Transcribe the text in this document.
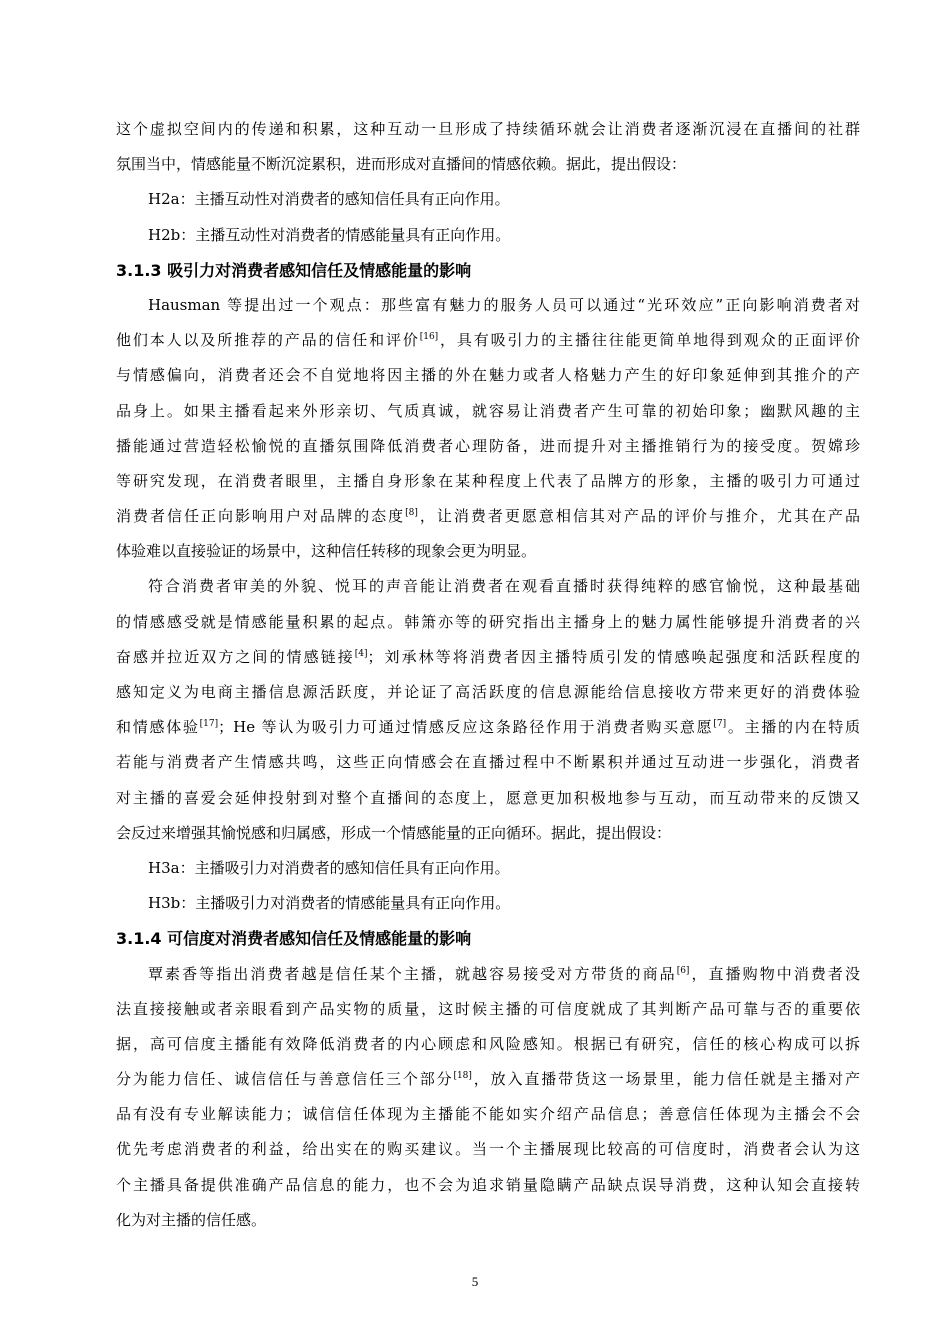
这个虚拟空间内的传递和积累，这种互动一旦形成了持续循环就会让消费者逐渐沉浸在直播间的社群
氛围当中，情感能量不断沉淀累积，进而形成对直播间的情感依赖。据此，提出假设：
H2a：主播互动性对消费者的感知信任具有正向作用。
H2b：主播互动性对消费者的情感能量具有正向作用。
3.1.3 吸引力对消费者感知信任及情感能量的影响
Hausman 等提出过一个观点：那些富有魅力的服务人员可以通过“光环效应”正向影响消费者对
他们本人以及所推荐的产品的信任和评价[16]，具有吸引力的主播往往能更简单地得到观众的正面评价
与情感偏向，消费者还会不自觉地将因主播的外在魅力或者人格魅力产生的好印象延伸到其推介的产
品身上。如果主播看起来外形亲切、气质真诚，就容易让消费者产生可靠的初始印象；幽默风趣的主
播能通过营造轻松愉悦的直播氛围降低消费者心理防备，进而提升对主播推销行为的接受度。贺嫦珍
等研究发现，在消费者眼里，主播自身形象在某种程度上代表了品牌方的形象，主播的吸引力可通过
消费者信任正向影响用户对品牌的态度[8]，让消费者更愿意相信其对产品的评价与推介，尤其在产品
体验难以直接验证的场景中，这种信任转移的现象会更为明显。
符合消费者审美的外貌、悦耳的声音能让消费者在观看直播时获得纯粹的感官愉悦，这种最基础
的情感感受就是情感能量积累的起点。韩箫亦等的研究指出主播身上的魅力属性能够提升消费者的兴
奋感并拉近双方之间的情感链接[4]；刘承林等将消费者因主播特质引发的情感唤起强度和活跃程度的
感知定义为电商主播信息源活跃度，并论证了高活跃度的信息源能给信息接收方带来更好的消费体验
和情感体验[17]；He 等认为吸引力可通过情感反应这条路径作用于消费者购买意愿[7]。主播的内在特质
若能与消费者产生情感共鸣，这些正向情感会在直播过程中不断累积并通过互动进一步强化，消费者
对主播的喜爱会延伸投射到对整个直播间的态度上，愿意更加积极地参与互动，而互动带来的反馈又
会反过来增强其愉悦感和归属感，形成一个情感能量的正向循环。据此，提出假设：
H3a：主播吸引力对消费者的感知信任具有正向作用。
H3b：主播吸引力对消费者的情感能量具有正向作用。
3.1.4 可信度对消费者感知信任及情感能量的影响
覃素香等指出消费者越是信任某个主播，就越容易接受对方带货的商品[6]，直播购物中消费者没
法直接接触或者亲眼看到产品实物的质量，这时候主播的可信度就成了其判断产品可靠与否的重要依
据，高可信度主播能有效降低消费者的内心顾虑和风险感知。根据已有研究，信任的核心构成可以拆
分为能力信任、诚信信任与善意信任三个部分[18]，放入直播带货这一场景里，能力信任就是主播对产
品有没有专业解读能力；诚信信任体现为主播能不能如实介绍产品信息；善意信任体现为主播会不会
优先考虑消费者的利益，给出实在的购买建议。当一个主播展现比较高的可信度时，消费者会认为这
个主播具备提供准确产品信息的能力，也不会为追求销量隐瞒产品缺点误导消费，这种认知会直接转
化为对主播的信任感。
5
